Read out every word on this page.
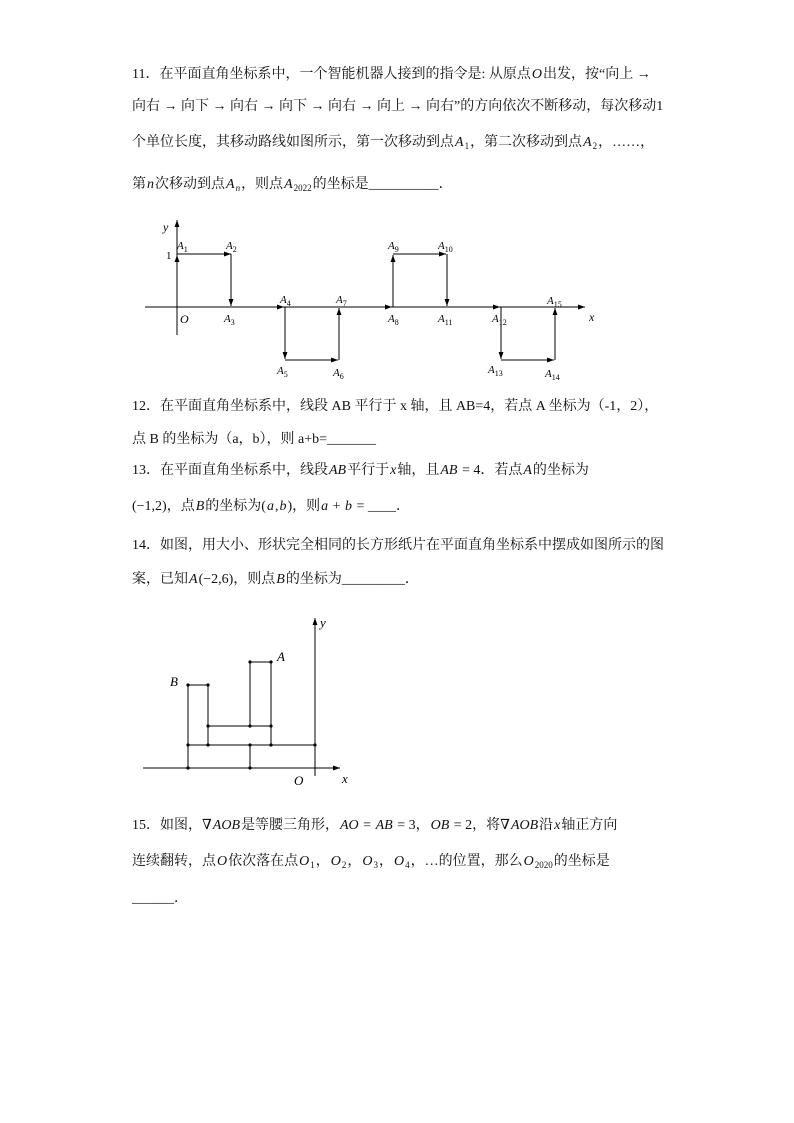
11．在平面直角坐标系中，一个智能机器人接到的指令是: 从原点O出发，按“向上 →
向右 → 向下 → 向右 → 向下 → 向右 → 向上 → 向右”的方向依次不断移动，每次移动1
个单位长度，其移动路线如图所示，第一次移动到点$A_1$，第二次移动到点$A_2$，……，
第n次移动到点$A_n$，则点$A_{2022}$的坐标是__________．
y
x
O
1
$A_1$	$A_2$
$A_3$
$A_4$
$A_5$	$A_6$
$A_7$
$A_8$
$A_9$	$A_{10}$
$A_{11}$	$A_{12}$
$A_{13}$	$A_{14}$
$A_{15}$
12．在平面直角坐标系中，线段 AB 平行于 x 轴，且 AB=4，若点 A 坐标为（-1，2），
点 B 的坐标为（a，b），则 a+b=_______
13．在平面直角坐标系中，线段AB平行于x轴，且AB = 4．若点A的坐标为
(−1,2)，点B的坐标为(a,b)，则a + b = ____．
14．如图，用大小、形状完全相同的长方形纸片在平面直角坐标系中摆成如图所示的图
案，已知A(−2,6)，则点B的坐标为_________．
y
x
O
A
B
15．如图，∇AOB是等腰三角形，AO = AB = 3，OB = 2，将∇AOB沿x轴正方向
连续翻转，点O依次落在点$O_1$，$O_2$，$O_3$，$O_4$，…的位置，那么$O_{2020}$的坐标是
______．
